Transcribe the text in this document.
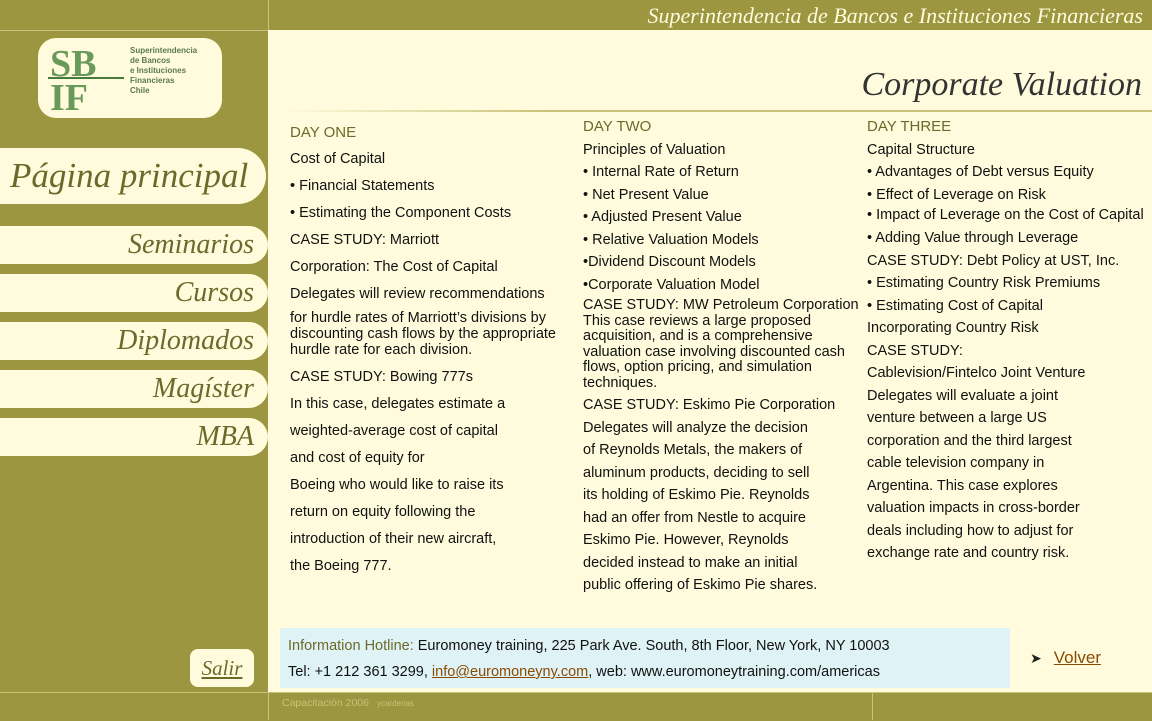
SB
IF
Superintendencia
de Bancos
e Instituciones
Financieras
Chile
Página principal
Seminarios
Cursos
Diplomados
Magíster
MBA
Salir
Superintendencia de Bancos e Instituciones Financieras
Corporate Valuation
DAY ONE
Cost of Capital
• Financial Statements
• Estimating the Component Costs
CASE STUDY: Marriott
Corporation: The Cost of Capital
Delegates will review recommendations
for hurdle rates of Marriott’s divisions by discounting cash flows by the appropriate hurdle rate for each division.
CASE STUDY: Bowing 777s
In this case, delegates estimate a
weighted-average cost of capital
and cost of equity for
Boeing who would like to raise its
return on equity following the
introduction of their new aircraft,
the Boeing 777.
DAY TWO
Principles of Valuation
• Internal Rate of Return
• Net Present Value
• Adjusted Present Value
• Relative Valuation Models
•Dividend Discount Models
•Corporate Valuation Model
CASE STUDY: MW Petroleum Corporation This case reviews a large proposed acquisition, and is a comprehensive valuation case involving discounted cash flows, option pricing, and simulation techniques.
CASE STUDY: Eskimo Pie Corporation
Delegates will analyze the decision
of Reynolds Metals, the makers of
aluminum products, deciding to sell
its holding of Eskimo Pie. Reynolds
had an offer from Nestle to acquire
Eskimo Pie. However, Reynolds
decided instead to make an initial
public offering of Eskimo Pie shares.
DAY THREE
Capital Structure
• Advantages of Debt versus Equity
• Effect of Leverage on Risk
• Impact of Leverage on the Cost of Capital
• Adding Value through Leverage
CASE STUDY: Debt Policy at UST, Inc.
• Estimating Country Risk Premiums
• Estimating Cost of Capital
Incorporating Country Risk
CASE STUDY:
Cablevision/Fintelco Joint Venture
Delegates will evaluate a joint
venture between a large US
corporation and the third largest
cable television company in
Argentina. This case explores
valuation impacts in cross-border
deals including how to adjust for
exchange rate and country risk.
Information Hotline: Euromoney training, 225 Park Ave. South, 8th Floor, New York, NY 10003
Tel: +1 212 361 3299, info@euromoneyny.com, web: www.euromoneytraining.com/americas
➤ Volver
Capacitación 2006 ycardenas
